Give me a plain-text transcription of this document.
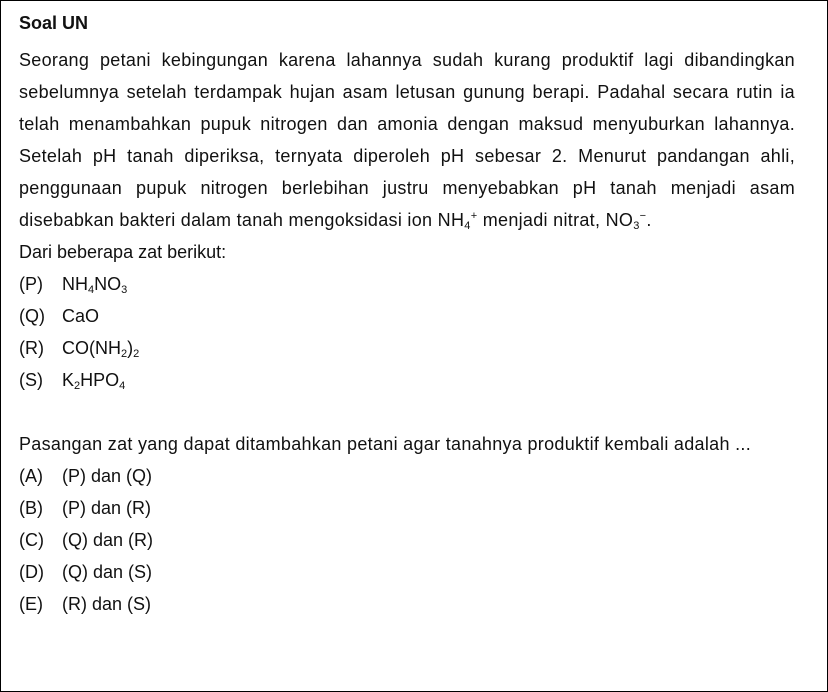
Soal UN

Seorang petani kebingungan karena lahannya sudah kurang produktif lagi dibandingkan sebelumnya setelah terdampak hujan asam letusan gunung berapi. Padahal secara rutin ia telah menambahkan pupuk nitrogen dan amonia dengan maksud menyuburkan lahannya. Setelah pH tanah diperiksa, ternyata diperoleh pH sebesar 2. Menurut pandangan ahli, penggunaan pupuk nitrogen berlebihan justru menyebabkan pH tanah menjadi asam disebabkan bakteri dalam tanah mengoksidasi ion $NH_4^+$ menjadi nitrat, $NO_3^-$.

Dari beberapa zat berikut:
(P) $NH_4NO_3$
(Q) CaO
(R) $CO(NH_2)_2$
(S) $K_2HPO_4$

Pasangan zat yang dapat ditambahkan petani agar tanahnya produktif kembali adalah ...

(A) (P) dan (Q)
(B) (P) dan (R)
(C) (Q) dan (R)
(D) (Q) dan (S)
(E) (R) dan (S)
